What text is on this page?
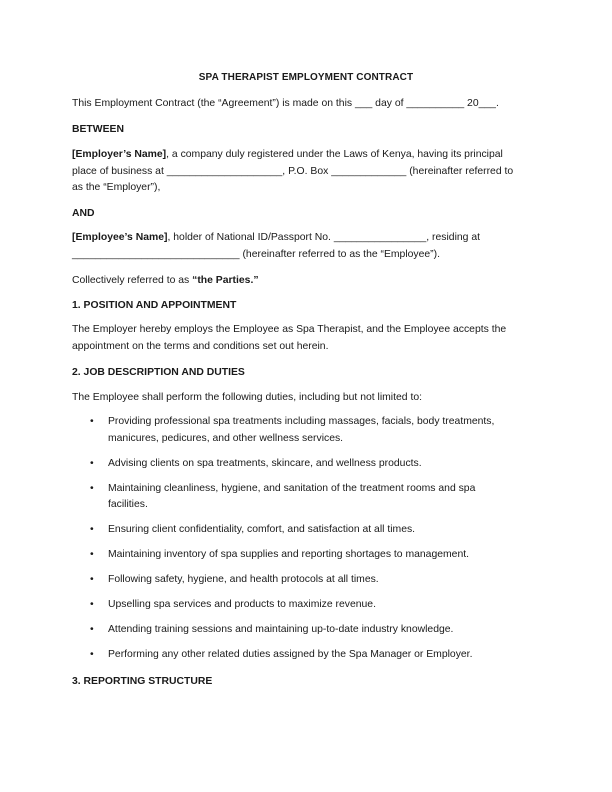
SPA THERAPIST EMPLOYMENT CONTRACT
This Employment Contract (the “Agreement”) is made on this ___ day of __________ 20___.
BETWEEN
[Employer’s Name], a company duly registered under the Laws of Kenya, having its principal
place of business at ____________________, P.O. Box _____________ (hereinafter referred to
as the “Employer”),
AND
[Employee’s Name], holder of National ID/Passport No. ________________, residing at
_____________________________ (hereinafter referred to as the “Employee”).
Collectively referred to as “the Parties.”
1. POSITION AND APPOINTMENT
The Employer hereby employs the Employee as Spa Therapist, and the Employee accepts the
appointment on the terms and conditions set out herein.
2. JOB DESCRIPTION AND DUTIES
The Employee shall perform the following duties, including but not limited to:
• Providing professional spa treatments including massages, facials, body treatments,
manicures, pedicures, and other wellness services.
• Advising clients on spa treatments, skincare, and wellness products.
• Maintaining cleanliness, hygiene, and sanitation of the treatment rooms and spa
facilities.
• Ensuring client confidentiality, comfort, and satisfaction at all times.
• Maintaining inventory of spa supplies and reporting shortages to management.
• Following safety, hygiene, and health protocols at all times.
• Upselling spa services and products to maximize revenue.
• Attending training sessions and maintaining up-to-date industry knowledge.
• Performing any other related duties assigned by the Spa Manager or Employer.
3. REPORTING STRUCTURE
